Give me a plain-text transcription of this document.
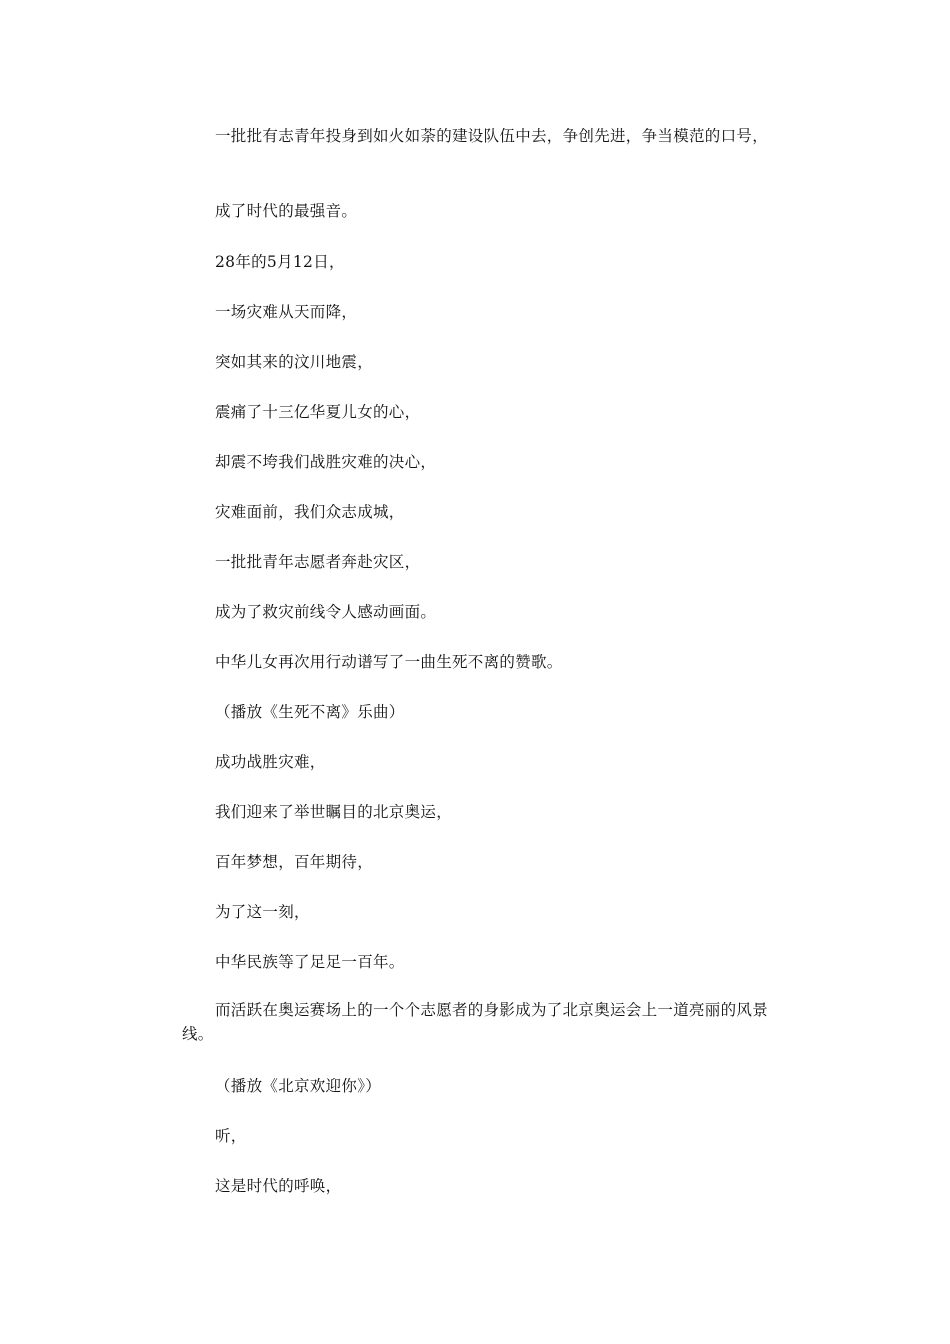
一批批有志青年投身到如火如荼的建设队伍中去，争创先进，争当模范的口号，

成了时代的最强音。

28年的5月12日，

一场灾难从天而降，

突如其来的汶川地震，

震痛了十三亿华夏儿女的心，

却震不垮我们战胜灾难的决心，

灾难面前，我们众志成城，

一批批青年志愿者奔赴灾区，

成为了救灾前线令人感动画面。

中华儿女再次用行动谱写了一曲生死不离的赞歌。

（播放《生死不离》乐曲）

成功战胜灾难，

我们迎来了举世瞩目的北京奥运，

百年梦想，百年期待，

为了这一刻，

中华民族等了足足一百年。

而活跃在奥运赛场上的一个个志愿者的身影成为了北京奥运会上一道亮丽的风景线。

（播放《北京欢迎你》）

听，

这是时代的呼唤，
